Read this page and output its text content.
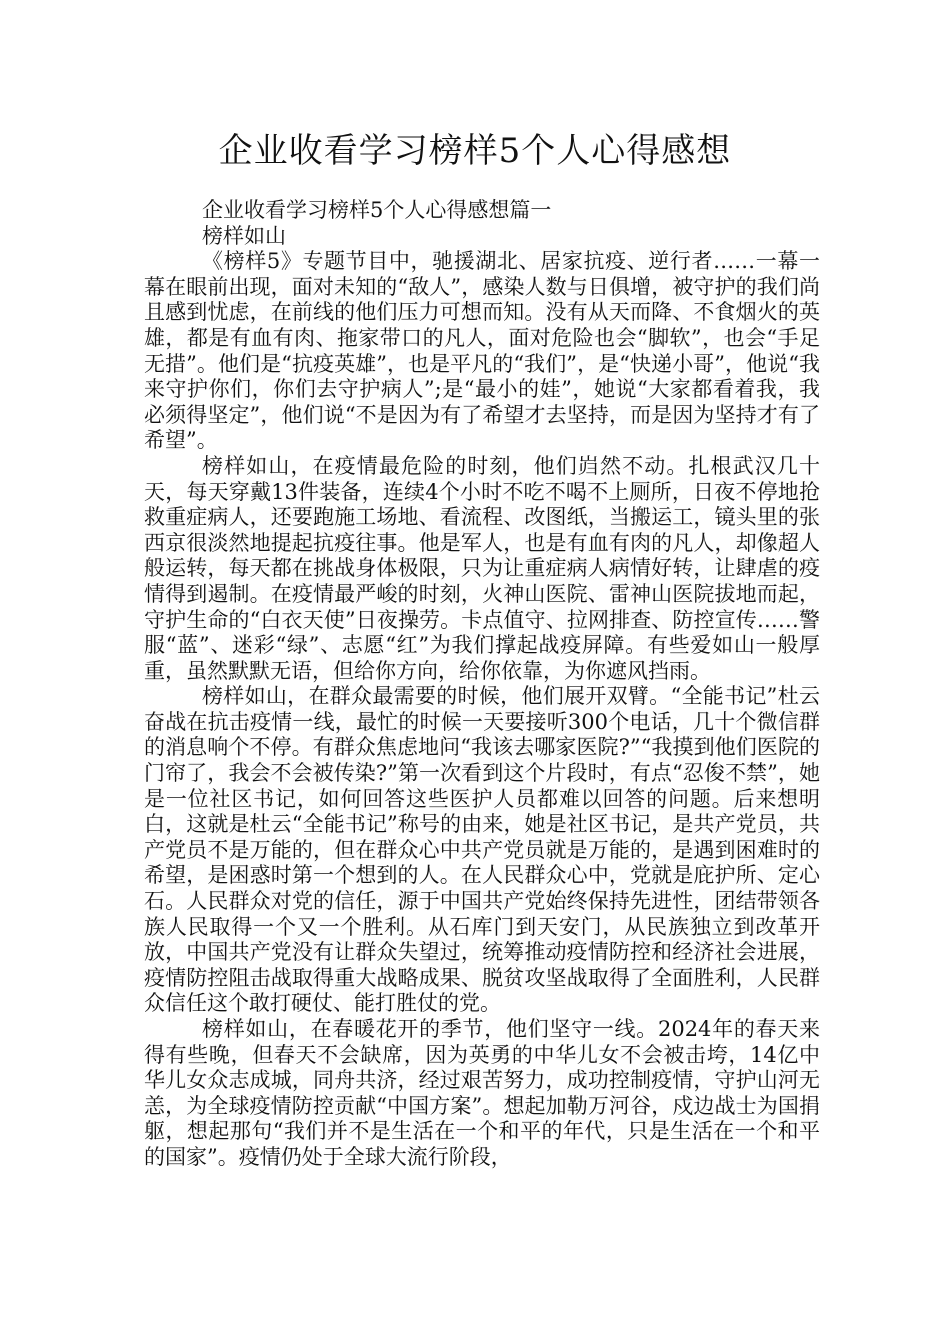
企业收看学习榜样5个人心得感想

企业收看学习榜样5个人心得感想篇一

榜样如山

《榜样5》专题节目中，驰援湖北、居家抗疫、逆行者……一幕一幕在眼前出现，面对未知的“敌人”，感染人数与日俱增，被守护的我们尚且感到忧虑，在前线的他们压力可想而知。没有从天而降、不食烟火的英雄，都是有血有肉、拖家带口的凡人，面对危险也会“脚软”，也会“手足无措”。他们是“抗疫英雄”，也是平凡的“我们”，是“快递小哥”，他说“我来守护你们，你们去守护病人”;是“最小的娃”，她说“大家都看着我，我必须得坚定”，他们说“不是因为有了希望才去坚持，而是因为坚持才有了希望”。

榜样如山，在疫情最危险的时刻，他们岿然不动。扎根武汉几十天，每天穿戴13件装备，连续4个小时不吃不喝不上厕所，日夜不停地抢救重症病人，还要跑施工场地、看流程、改图纸，当搬运工，镜头里的张西京很淡然地提起抗疫往事。他是军人，也是有血有肉的凡人，却像超人般运转，每天都在挑战身体极限，只为让重症病人病情好转，让肆虐的疫情得到遏制。在疫情最严峻的时刻，火神山医院、雷神山医院拔地而起，守护生命的“白衣天使”日夜操劳。卡点值守、拉网排查、防控宣传……警服“蓝”、迷彩“绿”、志愿“红”为我们撑起战疫屏障。有些爱如山一般厚重，虽然默默无语，但给你方向，给你依靠，为你遮风挡雨。

榜样如山，在群众最需要的时候，他们展开双臂。“全能书记”杜云奋战在抗击疫情一线，最忙的时候一天要接听300个电话，几十个微信群的消息响个不停。有群众焦虑地问“我该去哪家医院?”“我摸到他们医院的门帘了，我会不会被传染?”第一次看到这个片段时，有点“忍俊不禁”，她是一位社区书记，如何回答这些医护人员都难以回答的问题。后来想明白，这就是杜云“全能书记”称号的由来，她是社区书记，是共产党员，共产党员不是万能的，但在群众心中共产党员就是万能的，是遇到困难时的希望，是困惑时第一个想到的人。在人民群众心中，党就是庇护所、定心石。人民群众对党的信任，源于中国共产党始终保持先进性，团结带领各族人民取得一个又一个胜利。从石库门到天安门，从民族独立到改革开放，中国共产党没有让群众失望过，统筹推动疫情防控和经济社会进展，疫情防控阻击战取得重大战略成果、脱贫攻坚战取得了全面胜利，人民群众信任这个敢打硬仗、能打胜仗的党。

榜样如山，在春暖花开的季节，他们坚守一线。2024年的春天来得有些晚，但春天不会缺席，因为英勇的中华儿女不会被击垮，14亿中华儿女众志成城，同舟共济，经过艰苦努力，成功控制疫情，守护山河无恙，为全球疫情防控贡献“中国方案”。想起加勒万河谷，戍边战士为国捐躯，想起那句“我们并不是生活在一个和平的年代，只是生活在一个和平的国家”。疫情仍处于全球大流行阶段，
